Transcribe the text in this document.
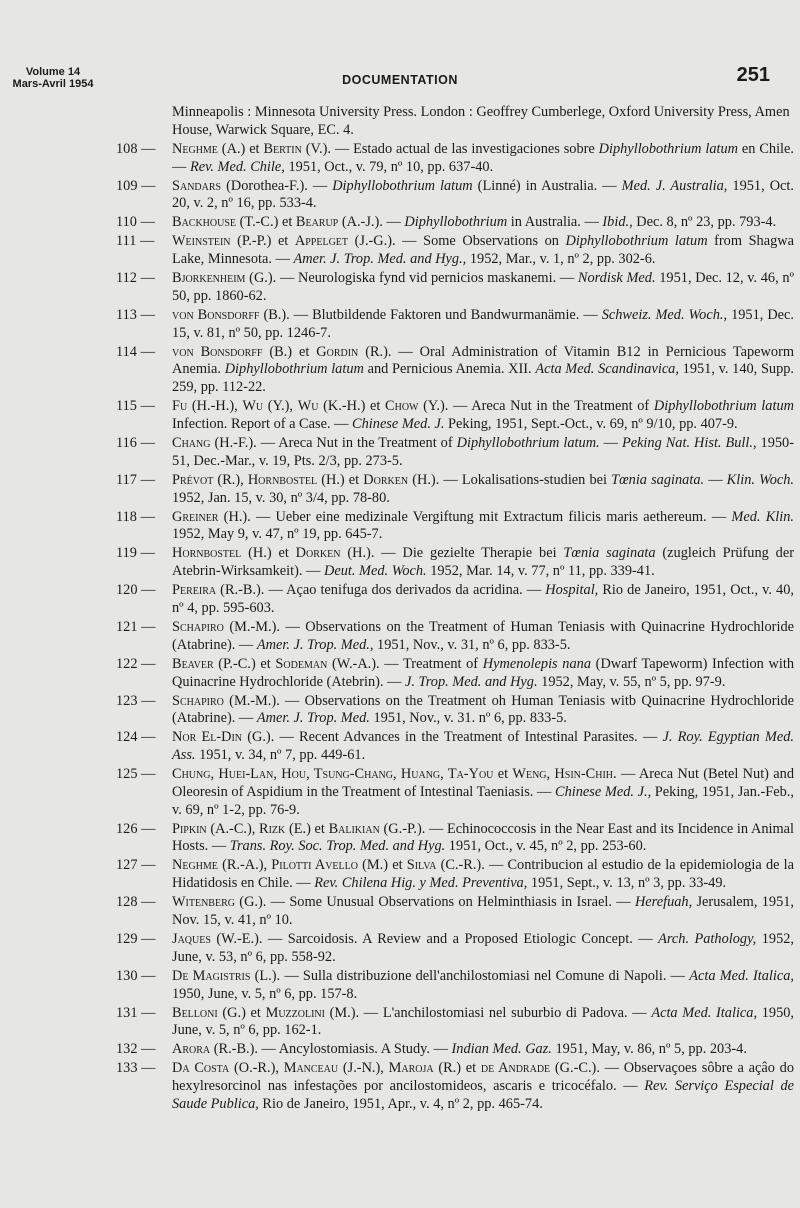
Volume 14
Mars-Avril 1954	DOCUMENTATION	251
Minneapolis : Minnesota University Press. London : Geoffrey Cumberlege, Oxford University Press, Amen House, Warwick Square, EC. 4.
108 —	Neghme (A.) et Bertin (V.). — Estado actual de las investigaciones sobre Diphyllobothrium latum en Chile. — Rev. Med. Chile, 1951, Oct., v. 79, nº 10, pp. 637-40.
109 —	Sandars (Dorothea-F.). — Diphyllobothrium latum (Linné) in Australia. — Med. J. Australia, 1951, Oct. 20, v. 2, nº 16, pp. 533-4.
110 —	Backhouse (T.-C.) et Bearup (A.-J.). — Diphyllobothrium in Australia. — Ibid., Dec. 8, nº 23, pp. 793-4.
111 —	Weinstein (P.-P.) et Appelget (J.-G.). — Some Observations on Diphyllobothrium latum from Shagwa Lake, Minnesota. — Amer. J. Trop. Med. and Hyg., 1952, Mar., v. 1, nº 2, pp. 302-6.
112 —	Bjorkenheim (G.). — Neurologiska fynd vid pernicios maskanemi. — Nordisk Med. 1951, Dec. 12, v. 46, nº 50, pp. 1860-62.
113 —	von Bonsdorff (B.). — Blutbildende Faktoren und Bandwurmanämie. — Schweiz. Med. Woch., 1951, Dec. 15, v. 81, nº 50, pp. 1246-7.
114 —	von Bonsdorff (B.) et Gordin (R.). — Oral Administration of Vitamin B12 in Pernicious Tapeworm Anemia. Diphyllobothrium latum and Pernicious Anemia. XII. Acta Med. Scandinavica, 1951, v. 140, Supp. 259, pp. 112-22.
115 —	Fu (H.-H.), Wu (Y.), Wu (K.-H.) et Chow (Y.). — Areca Nut in the Treatment of Diphyllobothrium latum Infection. Report of a Case. — Chinese Med. J. Peking, 1951, Sept.-Oct., v. 69, nº 9/10, pp. 407-9.
116 —	Chang (H.-F.). — Areca Nut in the Treatment of Diphyllobothrium latum. — Peking Nat. Hist. Bull., 1950-51, Dec.-Mar., v. 19, Pts. 2/3, pp. 273-5.
117 —	Prévot (R.), Hornbostel (H.) et Dorken (H.). — Lokalisations-studien bei Tœnia saginata. — Klin. Woch. 1952, Jan. 15, v. 30, nº 3/4, pp. 78-80.
118 —	Greiner (H.). — Ueber eine medizinale Vergiftung mit Extractum filicis maris aethereum. — Med. Klin. 1952, May 9, v. 47, nº 19, pp. 645-7.
119 —	Hornbostel (H.) et Dorken (H.). — Die gezielte Therapie bei Tœnia saginata (zugleich Prüfung der Atebrin-Wirksamkeit). — Deut. Med. Woch. 1952, Mar. 14, v. 77, nº 11, pp. 339-41.
120 —	Pereira (R.-B.). — Açao tenifuga dos derivados da acridina. — Hospital, Rio de Janeiro, 1951, Oct., v. 40, nº 4, pp. 595-603.
121 —	Schapiro (M.-M.). — Observations on the Treatment of Human Teniasis with Quinacrine Hydrochloride (Atabrine). — Amer. J. Trop. Med., 1951, Nov., v. 31, nº 6, pp. 833-5.
122 —	Beaver (P.-C.) et Sodeman (W.-A.). — Treatment of Hymenolepis nana (Dwarf Tapeworm) Infection with Quinacrine Hydrochloride (Atebrin). — J. Trop. Med. and Hyg. 1952, May, v. 55, nº 5, pp. 97-9.
123 —	Schapiro (M.-M.). — Observations on the Treatment oh Human Teniasis witb Quinacrine Hydrochloride (Atabrine). — Amer. J. Trop. Med. 1951, Nov., v. 31. nº 6, pp. 833-5.
124 —	Nor El-Din (G.). — Recent Advances in the Treatment of Intestinal Parasites. — J. Roy. Egyptian Med. Ass. 1951, v. 34, nº 7, pp. 449-61.
125 —	Chung, Huei-Lan, Hou, Tsung-Chang, Huang, Ta-You et Weng, Hsin-Chih. — Areca Nut (Betel Nut) and Oleoresin of Aspidium in the Treatment of Intestinal Taeniasis. — Chinese Med. J., Peking, 1951, Jan.-Feb., v. 69, nº 1-2, pp. 76-9.
126 —	Pipkin (A.-C.), Rizk (E.) et Balikian (G.-P.). — Echinococcosis in the Near East and its Incidence in Animal Hosts. — Trans. Roy. Soc. Trop. Med. and Hyg. 1951, Oct., v. 45, nº 2, pp. 253-60.
127 —	Neghme (R.-A.), Pilotti Avello (M.) et Silva (C.-R.). — Contribucion al estudio de la epidemiologia de la Hidatidosis en Chile. — Rev. Chilena Hig. y Med. Preventiva, 1951, Sept., v. 13, nº 3, pp. 33-49.
128 —	Witenberg (G.). — Some Unusual Observations on Helminthiasis in Israel. — Herefuah, Jerusalem, 1951, Nov. 15, v. 41, nº 10.
129 —	Jaques (W.-E.). — Sarcoidosis. A Review and a Proposed Etiologic Concept. — Arch. Pathology, 1952, June, v. 53, nº 6, pp. 558-92.
130 —	De Magistris (L.). — Sulla distribuzione dell'anchilostomiasi nel Comune di Napoli. — Acta Med. Italica, 1950, June, v. 5, nº 6, pp. 157-8.
131 —	Belloni (G.) et Muzzolini (M.). — L'anchilostomiasi nel suburbio di Padova. — Acta Med. Italica, 1950, June, v. 5, nº 6, pp. 162-1.
132 —	Arora (R.-B.). — Ancylostomiasis. A Study. — Indian Med. Gaz. 1951, May, v. 86, nº 5, pp. 203-4.
133 —	Da Costa (O.-R.), Manceau (J.-N.), Maroja (R.) et de Andrade (G.-C.). — Observaçoes sôbre a açâo do hexylresorcinol nas infestações por ancilostomideos, ascaris e tricocéfalo. — Rev. Serviço Especial de Saude Publica, Rio de Janeiro, 1951, Apr., v. 4, nº 2, pp. 465-74.
